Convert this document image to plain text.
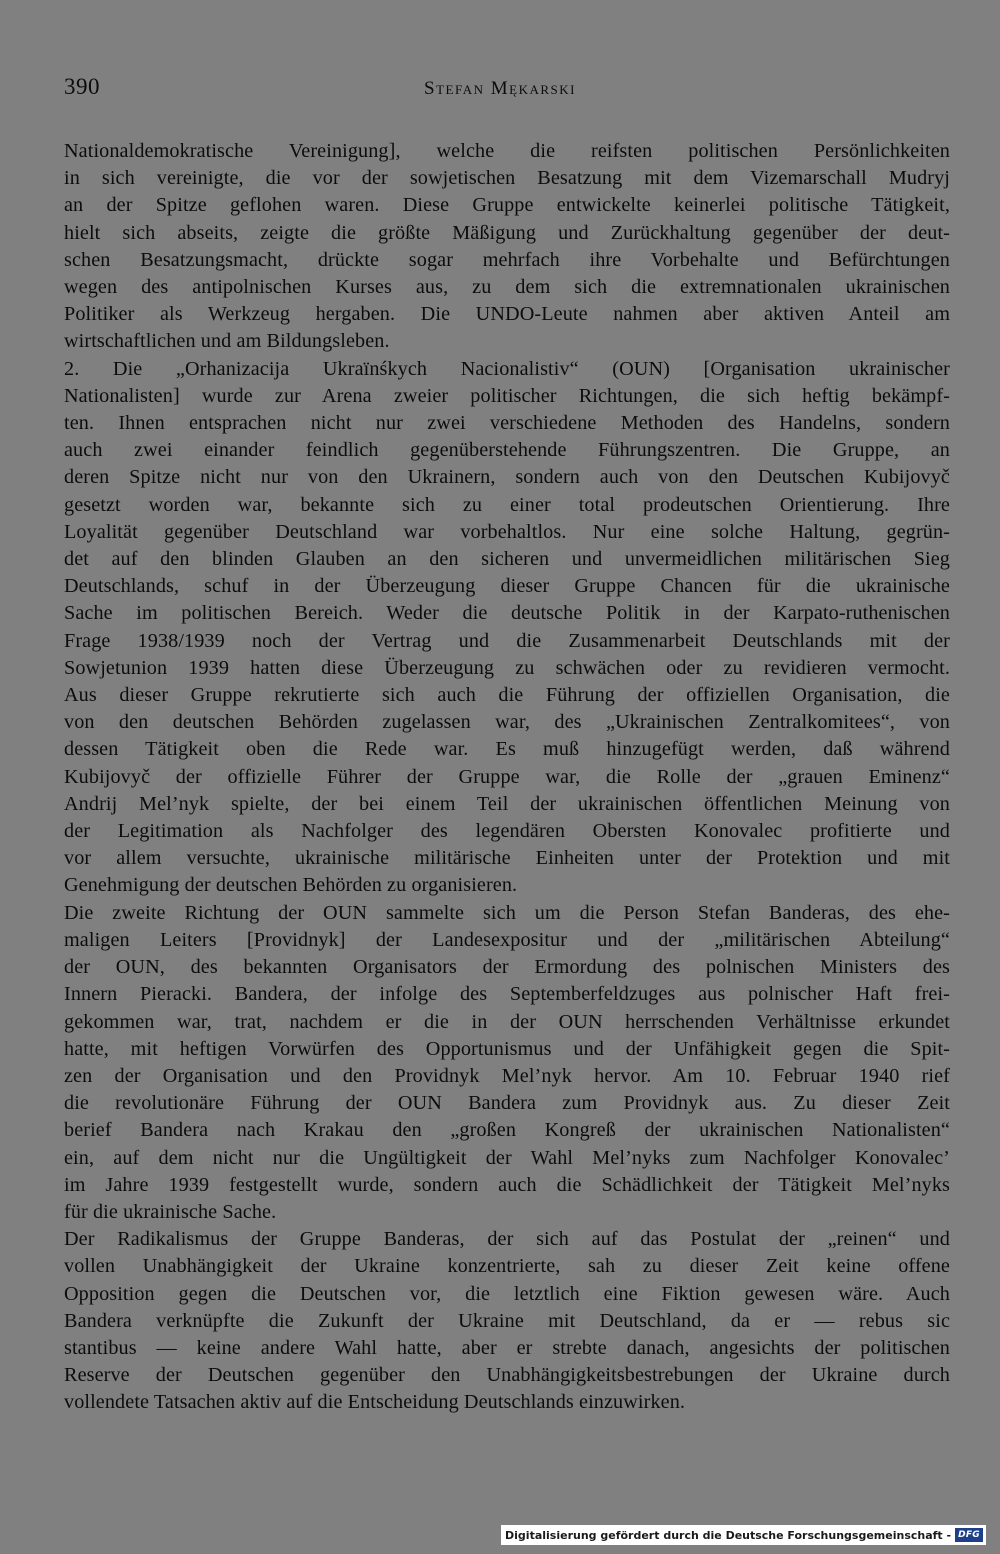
390	Stefan Mękarski
Nationaldemokratische Vereinigung], welche die reifsten politischen Persönlichkeiten
in sich vereinigte, die vor der sowjetischen Besatzung mit dem Vizemarschall Mudryj
an der Spitze geflohen waren. Diese Gruppe entwickelte keinerlei politische Tätigkeit,
hielt sich abseits, zeigte die größte Mäßigung und Zurückhaltung gegenüber der deut-
schen Besatzungsmacht, drückte sogar mehrfach ihre Vorbehalte und Befürchtungen
wegen des antipolnischen Kurses aus, zu dem sich die extremnationalen ukrainischen
Politiker als Werkzeug hergaben. Die UNDO-Leute nahmen aber aktiven Anteil am
wirtschaftlichen und am Bildungsleben.
2. Die „Orhanizacija Ukraïnśkych Nacionalistiv“ (OUN) [Organisation ukrainischer
Nationalisten] wurde zur Arena zweier politischer Richtungen, die sich heftig bekämpf-
ten. Ihnen entsprachen nicht nur zwei verschiedene Methoden des Handelns, sondern
auch zwei einander feindlich gegenüberstehende Führungszentren. Die Gruppe, an
deren Spitze nicht nur von den Ukrainern, sondern auch von den Deutschen Kubijovyč
gesetzt worden war, bekannte sich zu einer total prodeutschen Orientierung. Ihre
Loyalität gegenüber Deutschland war vorbehaltlos. Nur eine solche Haltung, gegrün-
det auf den blinden Glauben an den sicheren und unvermeidlichen militärischen Sieg
Deutschlands, schuf in der Überzeugung dieser Gruppe Chancen für die ukrainische
Sache im politischen Bereich. Weder die deutsche Politik in der Karpato-ruthenischen
Frage 1938/1939 noch der Vertrag und die Zusammenarbeit Deutschlands mit der
Sowjetunion 1939 hatten diese Überzeugung zu schwächen oder zu revidieren vermocht.
Aus dieser Gruppe rekrutierte sich auch die Führung der offiziellen Organisation, die
von den deutschen Behörden zugelassen war, des „Ukrainischen Zentralkomitees“, von
dessen Tätigkeit oben die Rede war. Es muß hinzugefügt werden, daß während
Kubijovyč der offizielle Führer der Gruppe war, die Rolle der „grauen Eminenz“
Andrij Mel’nyk spielte, der bei einem Teil der ukrainischen öffentlichen Meinung von
der Legitimation als Nachfolger des legendären Obersten Konovalec profitierte und
vor allem versuchte, ukrainische militärische Einheiten unter der Protektion und mit
Genehmigung der deutschen Behörden zu organisieren.
Die zweite Richtung der OUN sammelte sich um die Person Stefan Banderas, des ehe-
maligen Leiters [Providnyk] der Landesexpositur und der „militärischen Abteilung“
der OUN, des bekannten Organisators der Ermordung des polnischen Ministers des
Innern Pieracki. Bandera, der infolge des Septemberfeldzuges aus polnischer Haft frei-
gekommen war, trat, nachdem er die in der OUN herrschenden Verhältnisse erkundet
hatte, mit heftigen Vorwürfen des Opportunismus und der Unfähigkeit gegen die Spit-
zen der Organisation und den Providnyk Mel’nyk hervor. Am 10. Februar 1940 rief
die revolutionäre Führung der OUN Bandera zum Providnyk aus. Zu dieser Zeit
berief Bandera nach Krakau den „großen Kongreß der ukrainischen Nationalisten“
ein, auf dem nicht nur die Ungültigkeit der Wahl Mel’nyks zum Nachfolger Konovalec’
im Jahre 1939 festgestellt wurde, sondern auch die Schädlichkeit der Tätigkeit Mel’nyks
für die ukrainische Sache.
Der Radikalismus der Gruppe Banderas, der sich auf das Postulat der „reinen“ und
vollen Unabhängigkeit der Ukraine konzentrierte, sah zu dieser Zeit keine offene
Opposition gegen die Deutschen vor, die letztlich eine Fiktion gewesen wäre. Auch
Bandera verknüpfte die Zukunft der Ukraine mit Deutschland, da er — rebus sic
stantibus — keine andere Wahl hatte, aber er strebte danach, angesichts der politischen
Reserve der Deutschen gegenüber den Unabhängigkeitsbestrebungen der Ukraine durch
vollendete Tatsachen aktiv auf die Entscheidung Deutschlands einzuwirken.
Digitalisierung gefördert durch die Deutsche Forschungsgemeinschaft - DFG
